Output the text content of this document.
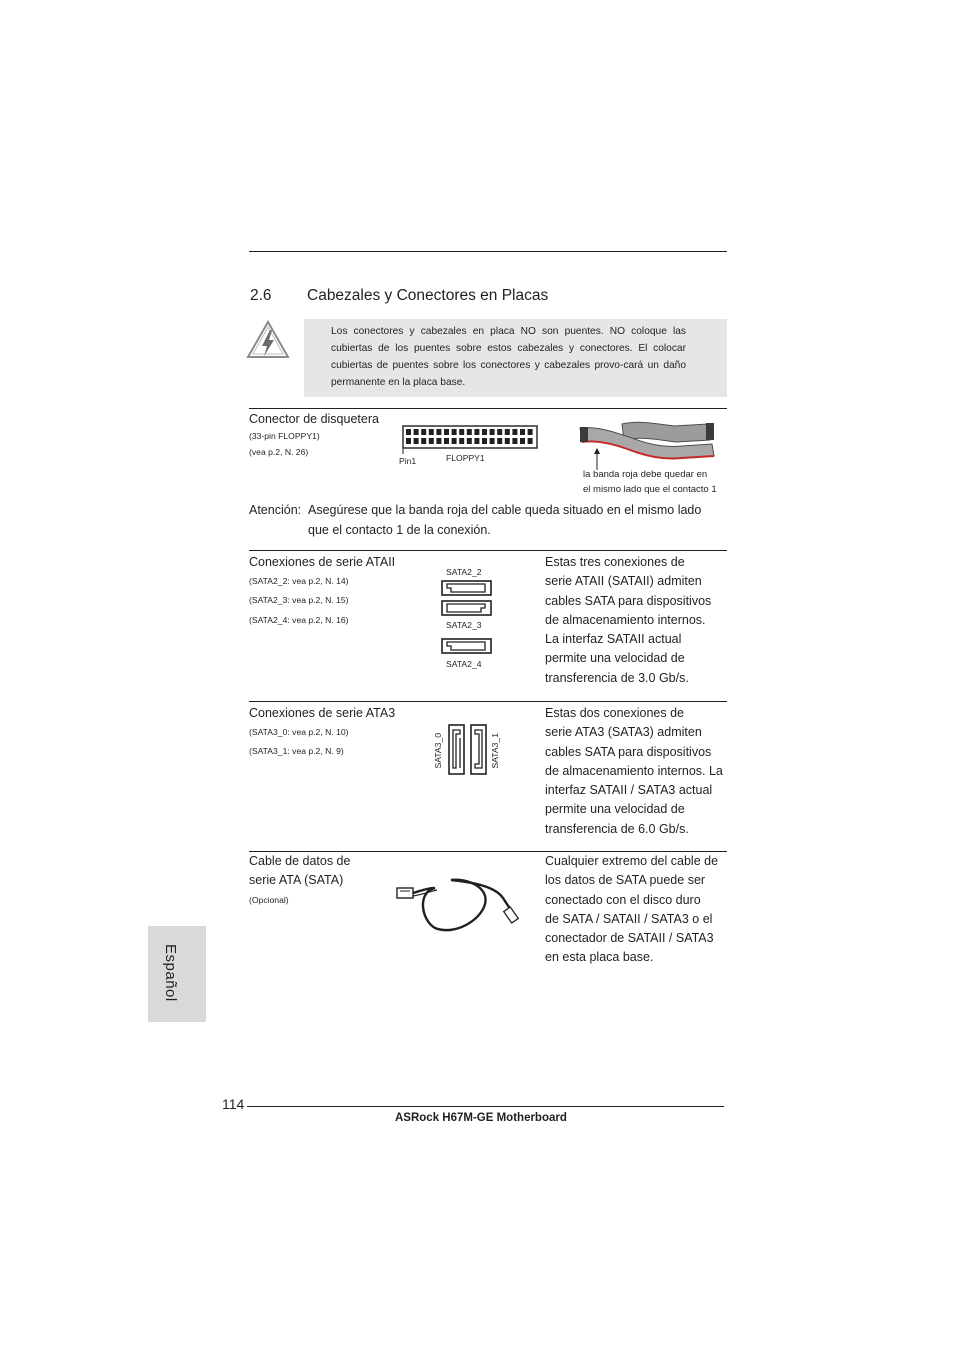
2.6 Cabezales y Conectores en Placas

Los conectores y cabezales en placa NO son puentes. NO coloque las cubiertas de los puentes sobre estos cabezales y conectores. El colocar cubiertas de puentes sobre los conectores y cabezales provo-cará un daño permanente en la placa base.

Conector de disquetera
(33-pin FLOPPY1)
(vea p.2, N. 26)
Pin1	FLOPPY1
la banda roja debe quedar en
el mismo lado que el contacto 1
Atención: Asegúrese que la banda roja del cable queda situado en el mismo lado
que el contacto 1 de la conexión.
Conexiones de serie ATAII
(SATA2_2: vea p.2, N. 14)
(SATA2_3: vea p.2, N. 15)
(SATA2_4: vea p.2, N. 16)
SATA2_2
SATA2_3
SATA2_4
Estas tres conexiones de
serie ATAII (SATAII) admiten
cables SATA para dispositivos
de almacenamiento internos.
La interfaz SATAII actual
permite una velocidad de
transferencia de 3.0 Gb/s.
Conexiones de serie ATA3
(SATA3_0: vea p.2, N. 10)
(SATA3_1: vea p.2, N. 9)	SATA3_0	SATA3_1
Estas dos conexiones de
serie ATA3 (SATA3) admiten
cables SATA para dispositivos
de almacenamiento internos. La
interfaz SATAII / SATA3 actual
permite una velocidad de
transferencia de 6.0 Gb/s.
Cable de datos de
serie ATA (SATA)
(Opcional)
Cualquier extremo del cable de
los datos de SATA puede ser
conectado con el disco duro
de SATA / SATAII / SATA3 o el
conectador de SATAII / SATA3
en esta placa base.
Español
114
ASRock H67M-GE Motherboard
